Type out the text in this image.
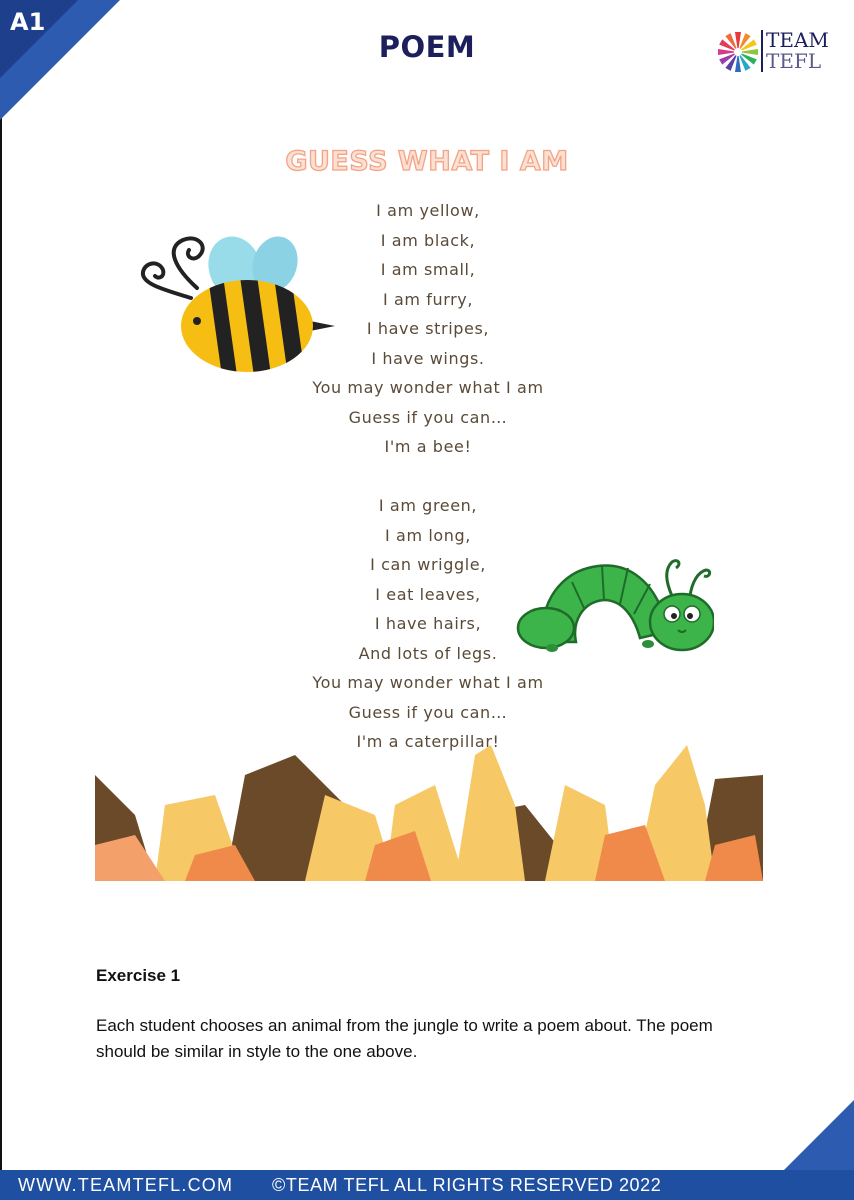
A1
POEM	TEAM
TEFL
GUESS WHAT I AM
I am yellow,
I am black,
I am small,
I am furry,
I have stripes,
I have wings.
You may wonder what I am
Guess if you can…
I'm a bee!
I am green,
I am long,
I can wriggle,
I eat leaves,
I have hairs,
And lots of legs.
You may wonder what I am
Guess if you can…
I'm a caterpillar!
Exercise 1
Each student chooses an animal from the jungle to write a poem about. The poem should be similar in style to the one above.
WWW.TEAMTEFL.COM ©TEAM TEFL ALL RIGHTS RESERVED 2022
